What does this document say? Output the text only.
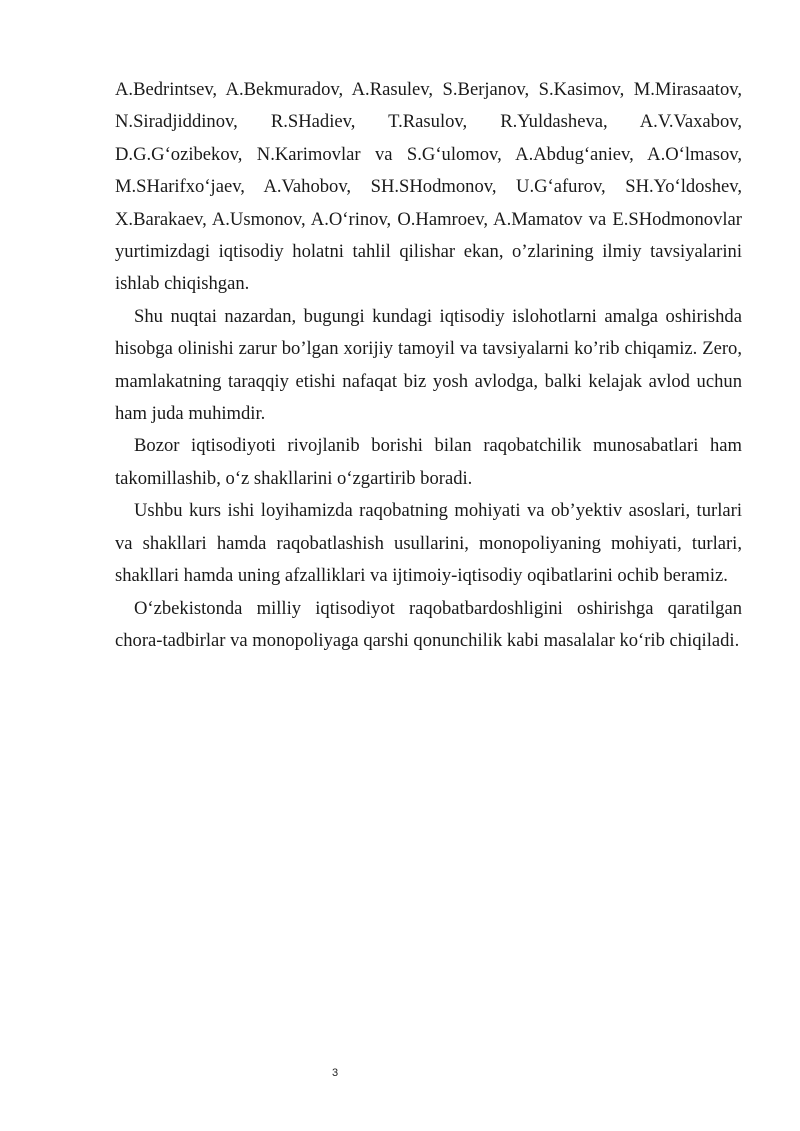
A.Bedrintsev, A.Bekmuradov, A.Rasulev, S.Berjanov, S.Kasimov, M.Mirasaatov, N.Siradjiddinov, R.SHadiev, T.Rasulov, R.Yuldasheva, A.V.Vaxabov, D.G.G‘ozibekov, N.Karimovlar va S.G‘ulomov, A.Abdug‘aniev, A.O‘lmasov, M.SHarifxo‘jaev, A.Vahobov, SH.SHodmonov, U.G‘afurov, SH.Yo‘ldoshev, X.Barakaev, A.Usmonov, A.O‘rinov, O.Hamroev, A.Mamatov va E.SHodmonovlar yurtimizdagi iqtisodiy holatni tahlil qilishar ekan, o’zlarining ilmiy tavsiyalarini ishlab chiqishgan.

Shu nuqtai nazardan, bugungi kundagi iqtisodiy islohotlarni amalga oshirishda hisobga olinishi zarur bo’lgan xorijiy tamoyil va tavsiyalarni ko’rib chiqamiz. Zero, mamlakatning taraqqiy etishi nafaqat biz yosh avlodga, balki kelajak avlod uchun ham juda muhimdir.

Bozor iqtisodiyoti rivojlanib borishi bilan raqobatchilik munosabatlari ham takomillashib, o‘z shakllarini o‘zgartirib boradi.

Ushbu kurs ishi loyihamizda raqobatning mohiyati va ob’yektiv asoslari, turlari va shakllari hamda raqobatlashish usullarini, monopoliyaning mohiyati, turlari, shakllari hamda uning afzalliklari va ijtimoiy-iqtisodiy oqibatlarini ochib beramiz.

O‘zbekistonda milliy iqtisodiyot raqobatbardoshligini oshirishga qaratilgan chora-tadbirlar va monopoliyaga qarshi qonunchilik kabi masalalar ko‘rib chiqiladi.

3
